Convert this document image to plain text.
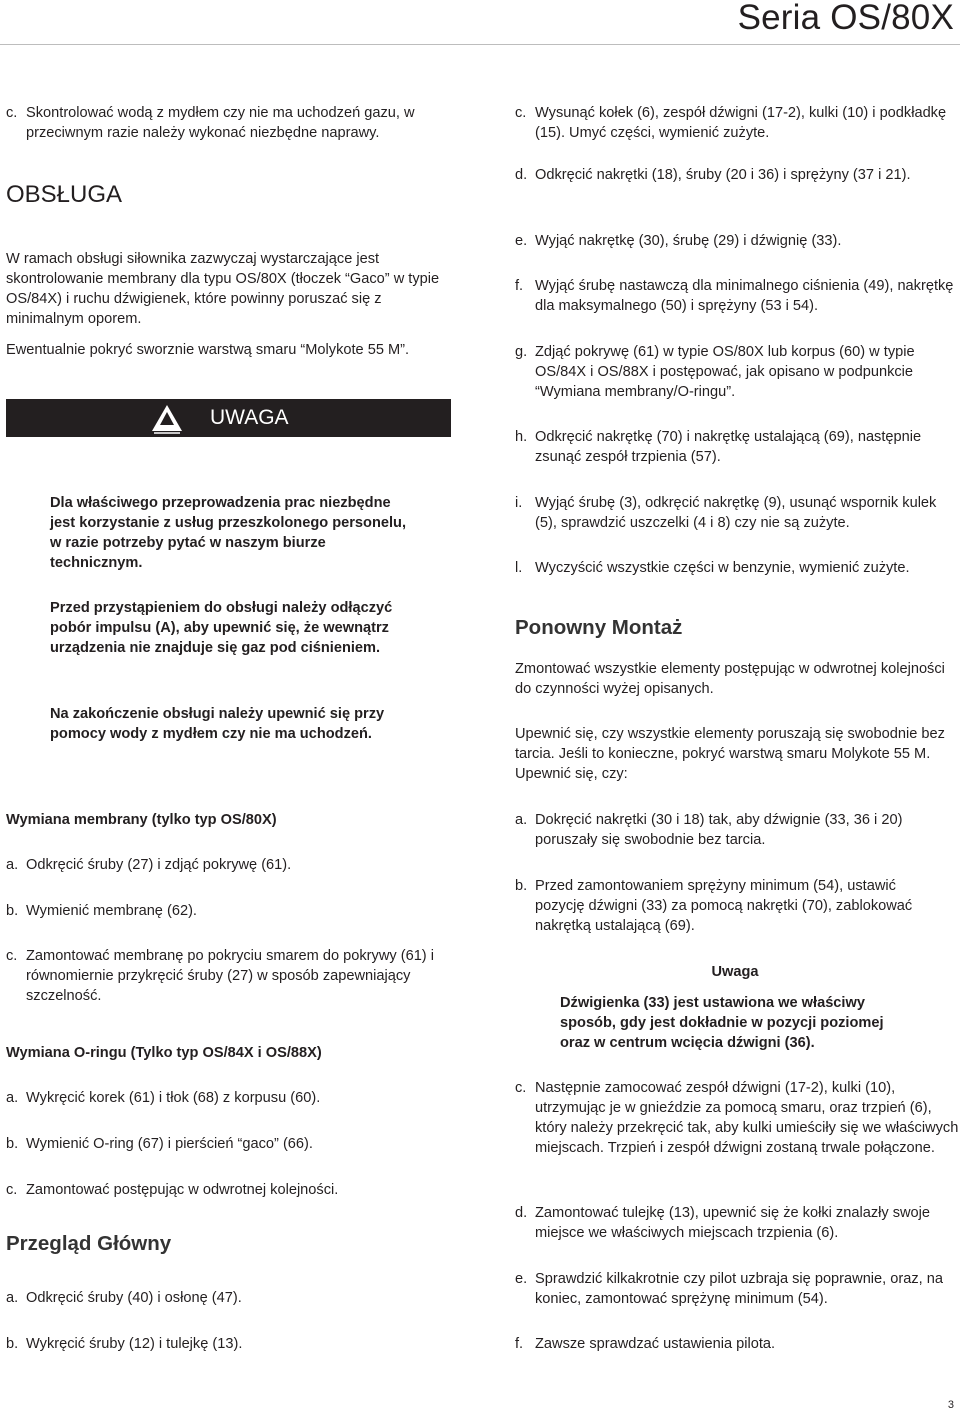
Seria OS/80X
c. Skontrolować wodą z mydłem czy nie ma uchodzeń gazu, w przeciwnym razie należy wykonać niezbędne naprawy.
OBSŁUGA
W ramach obsługi siłownika zazwyczaj wystarczające jest skontrolowanie membrany dla typu OS/80X (tłoczek “Gaco” w typie OS/84X) i ruchu dźwigienek, które powinny poruszać się z minimalnym oporem.
Ewentualnie pokryć sworznie warstwą smaru “Molykote 55 M”.
UWAGA
Dla właściwego przeprowadzenia prac niezbędne jest korzystanie z usług przeszkolonego personelu, w razie potrzeby pytać w naszym biurze technicznym.
Przed przystąpieniem do obsługi należy odłączyć pobór impulsu (A), aby upewnić się, że wewnątrz urządzenia nie znajduje się gaz pod ciśnieniem.
Na zakończenie obsługi należy upewnić się przy pomocy wody z mydłem czy nie ma uchodzeń.
Wymiana membrany (tylko typ OS/80X)
a. Odkręcić śruby (27) i zdjąć pokrywę (61).
b. Wymienić membranę (62).
c. Zamontować membranę po pokryciu smarem do pokrywy (61) i równomiernie przykręcić śruby (27) w sposób zapewniający szczelność.
Wymiana O-ringu (Tylko typ OS/84X i OS/88X)
a. Wykręcić korek (61) i tłok (68) z korpusu (60).
b. Wymienić O-ring (67) i pierścień “gaco” (66).
c. Zamontować postępując w odwrotnej kolejności.
Przegląd Główny
a. Odkręcić śruby (40) i osłonę (47).
b. Wykręcić śruby (12) i tulejkę (13).
c. Wysunąć kołek (6), zespół dźwigni (17-2), kulki (10) i podkładkę (15). Umyć części, wymienić zużyte.
d. Odkręcić nakrętki (18), śruby (20 i 36) i sprężyny (37 i 21).
e. Wyjąć nakrętkę (30), śrubę (29) i dźwignię (33).
f. Wyjąć śrubę nastawczą dla minimalnego ciśnienia (49), nakrętkę dla maksymalnego (50) i sprężyny (53 i 54).
g. Zdjąć pokrywę (61) w typie OS/80X lub korpus (60) w typie OS/84X i OS/88X i postępować, jak opisano w podpunkcie “Wymiana membrany/O-ringu”.
h. Odkręcić nakrętkę (70) i nakrętkę ustalającą (69), następnie zsunąć zespół trzpienia (57).
i. Wyjąć śrubę (3), odkręcić nakrętkę (9), usunąć wspornik kulek (5), sprawdzić uszczelki (4 i 8) czy nie są zużyte.
l. Wyczyścić wszystkie części w benzynie, wymienić zużyte.
Ponowny Montaż
Zmontować wszystkie elementy postępując w odwrotnej kolejności do czynności wyżej opisanych.
Upewnić się, czy wszystkie elementy poruszają się swobodnie bez tarcia. Jeśli to konieczne, pokryć warstwą smaru Molykote 55 M. Upewnić się, czy:
a. Dokręcić nakrętki (30 i 18) tak, aby dźwignie (33, 36 i 20) poruszały się swobodnie bez tarcia.
b. Przed zamontowaniem sprężyny minimum (54), ustawić pozycję dźwigni (33) za pomocą nakrętki (70), zablokować nakrętką ustalającą (69).
Uwaga
Dźwigienka (33) jest ustawiona we właściwy sposób, gdy jest dokładnie w pozycji poziomej oraz w centrum wcięcia dźwigni (36).
c. Następnie zamocować zespół dźwigni (17-2), kulki (10), utrzymując je w gnieździe za pomocą smaru, oraz trzpień (6), który należy przekręcić tak, aby kulki umieściły się we właściwych miejscach. Trzpień i zespół dźwigni zostaną trwale połączone.
d. Zamontować tulejkę (13), upewnić się że kołki znalazły swoje miejsce we właściwych miejscach trzpienia (6).
e. Sprawdzić kilkakrotnie czy pilot uzbraja się poprawnie, oraz, na koniec, zamontować sprężynę minimum (54).
f. Zawsze sprawdzać ustawienia pilota.
3
